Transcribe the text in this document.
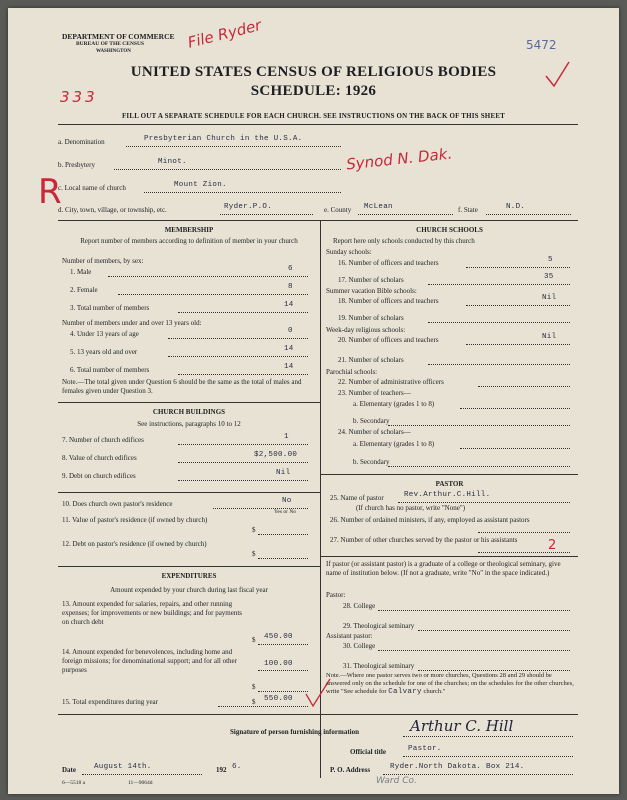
DEPARTMENT OF COMMERCE
BUREAU OF THE CENSUS
WASHINGTON	5472
File Ryder
333
UNITED STATES CENSUS OF RELIGIOUS BODIES
SCHEDULE: 1926
FILL OUT A SEPARATE SCHEDULE FOR EACH CHURCH. SEE INSTRUCTIONS ON THE BACK OF THIS SHEET
a. Denomination	Presbyterian Church in the U.S.A.
b. Presbytery	Minot.	Synod N. Dak.
R
c. Local name of church	Mount Zion.
d. City, town, village, or township, etc.	Ryder.P.O.	e. County McLean	f. State	N.D.
MEMBERSHIP
Report number of members according to definition of member in your church
Number of members, by sex:
1. Male	6
2. Female	8
3. Total number of members	14
Number of members under and over 13 years old:
4. Under 13 years of age	0
5. 13 years old and over	14
6. Total number of members	14
Note.—The total given under Question 6 should be the same as the total of males and females given under Question 3.
CHURCH BUILDINGS
See instructions, paragraphs 10 to 12
7. Number of church edifices	1
8. Value of church edifices	$2,500.00
9. Debt on church edifices	Nil
10. Does church own pastor's residence	No
Yes or No
11. Value of pastor's residence (if owned by church)
$
12. Debt on pastor's residence (if owned by church)
$
EXPENDITURES
Amount expended by your church during last fiscal year
13. Amount expended for salaries, repairs, and other running expenses; for improvements or new buildings; and for payments on church debt
$ 450.00
14. Amount expended for benevolences, including home and foreign missions; for denominational support; and for all other purposes
100.00
$
15. Total expenditures during year	$ 550.00
CHURCH SCHOOLS
Report here only schools conducted by this church
Sunday schools:
16. Number of officers and teachers	5
17. Number of scholars	35
Summer vacation Bible schools:
18. Number of officers and teachers	Nil
19. Number of scholars
Week-day religious schools:
20. Number of officers and teachers	Nil
21. Number of scholars
Parochial schools:
22. Number of administrative officers
23. Number of teachers—
a. Elementary (grades 1 to 8)
b. Secondary
24. Number of scholars—
a. Elementary (grades 1 to 8)
b. Secondary
PASTOR
25. Name of pastor	Rev.Arthur.C.Hill.
(If church has no pastor, write "None")
26. Number of ordained ministers, if any, employed as assistant pastors
27. Number of other churches served by the pastor or his assistants	2
If pastor (or assistant pastor) is a graduate of a college or theological seminary, give name of institution below. (If not a graduate, write "No" in the space indicated.)
Pastor:
28. College
29. Theological seminary
Assistant pastor:
30. College
31. Theological seminary
Note.—Where one pastor serves two or more churches, Questions 28 and 29 should be answered only on the schedule for one of the churches; on the schedules for the other churches, write "See schedule for Calvary church."
Signature of person furnishing information	Arthur C. Hill
Official title	Pastor.
Date August 14th.	192 6.	P. O. Address	Ryder.North Dakota. Box 214.
Ward Co.
6—5518 a	11—9064d
